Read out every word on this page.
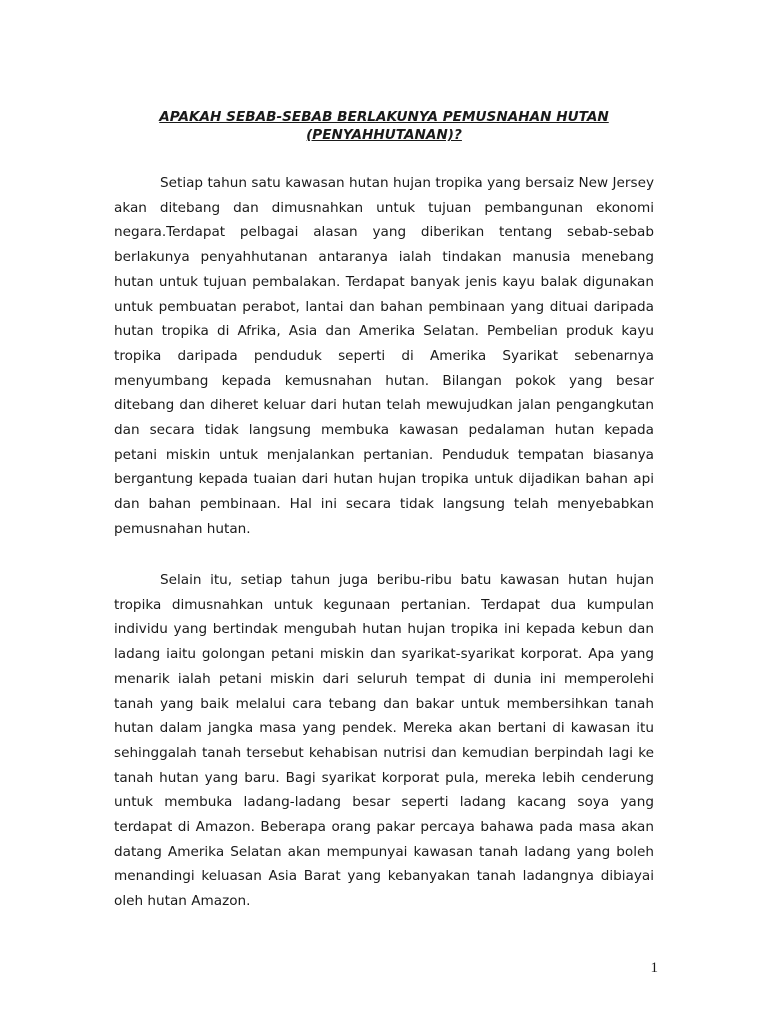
APAKAH SEBAB-SEBAB BERLAKUNYA PEMUSNAHAN HUTAN
(PENYAHHUTANAN)?

Setiap tahun satu kawasan hutan hujan tropika yang bersaiz New Jersey akan ditebang dan dimusnahkan untuk tujuan pembangunan ekonomi negara.Terdapat pelbagai alasan yang diberikan tentang sebab-sebab berlakunya penyahhutanan antaranya ialah tindakan manusia menebang hutan untuk tujuan pembalakan. Terdapat banyak jenis kayu balak digunakan untuk pembuatan perabot, lantai dan bahan pembinaan yang dituai daripada hutan tropika di Afrika, Asia dan Amerika Selatan. Pembelian produk kayu tropika daripada penduduk seperti di Amerika Syarikat sebenarnya menyumbang kepada kemusnahan hutan. Bilangan pokok yang besar ditebang dan diheret keluar dari hutan telah mewujudkan jalan pengangkutan dan secara tidak langsung membuka kawasan pedalaman hutan kepada petani miskin untuk menjalankan pertanian. Penduduk tempatan biasanya bergantung kepada tuaian dari hutan hujan tropika untuk dijadikan bahan api dan bahan pembinaan. Hal ini secara tidak langsung telah menyebabkan pemusnahan hutan.

Selain itu, setiap tahun juga beribu-ribu batu kawasan hutan hujan tropika dimusnahkan untuk kegunaan pertanian. Terdapat dua kumpulan individu yang bertindak mengubah hutan hujan tropika ini kepada kebun dan ladang iaitu golongan petani miskin dan syarikat-syarikat korporat. Apa yang menarik ialah petani miskin dari seluruh tempat di dunia ini memperolehi tanah yang baik melalui cara tebang dan bakar untuk membersihkan tanah hutan dalam jangka masa yang pendek. Mereka akan bertani di kawasan itu sehinggalah tanah tersebut kehabisan nutrisi dan kemudian berpindah lagi ke tanah hutan yang baru. Bagi syarikat korporat pula, mereka lebih cenderung untuk membuka ladang-ladang besar seperti ladang kacang soya yang terdapat di Amazon. Beberapa orang pakar percaya bahawa pada masa akan datang Amerika Selatan akan mempunyai kawasan tanah ladang yang boleh menandingi keluasan Asia Barat yang kebanyakan tanah ladangnya dibiayai oleh hutan Amazon.

1
